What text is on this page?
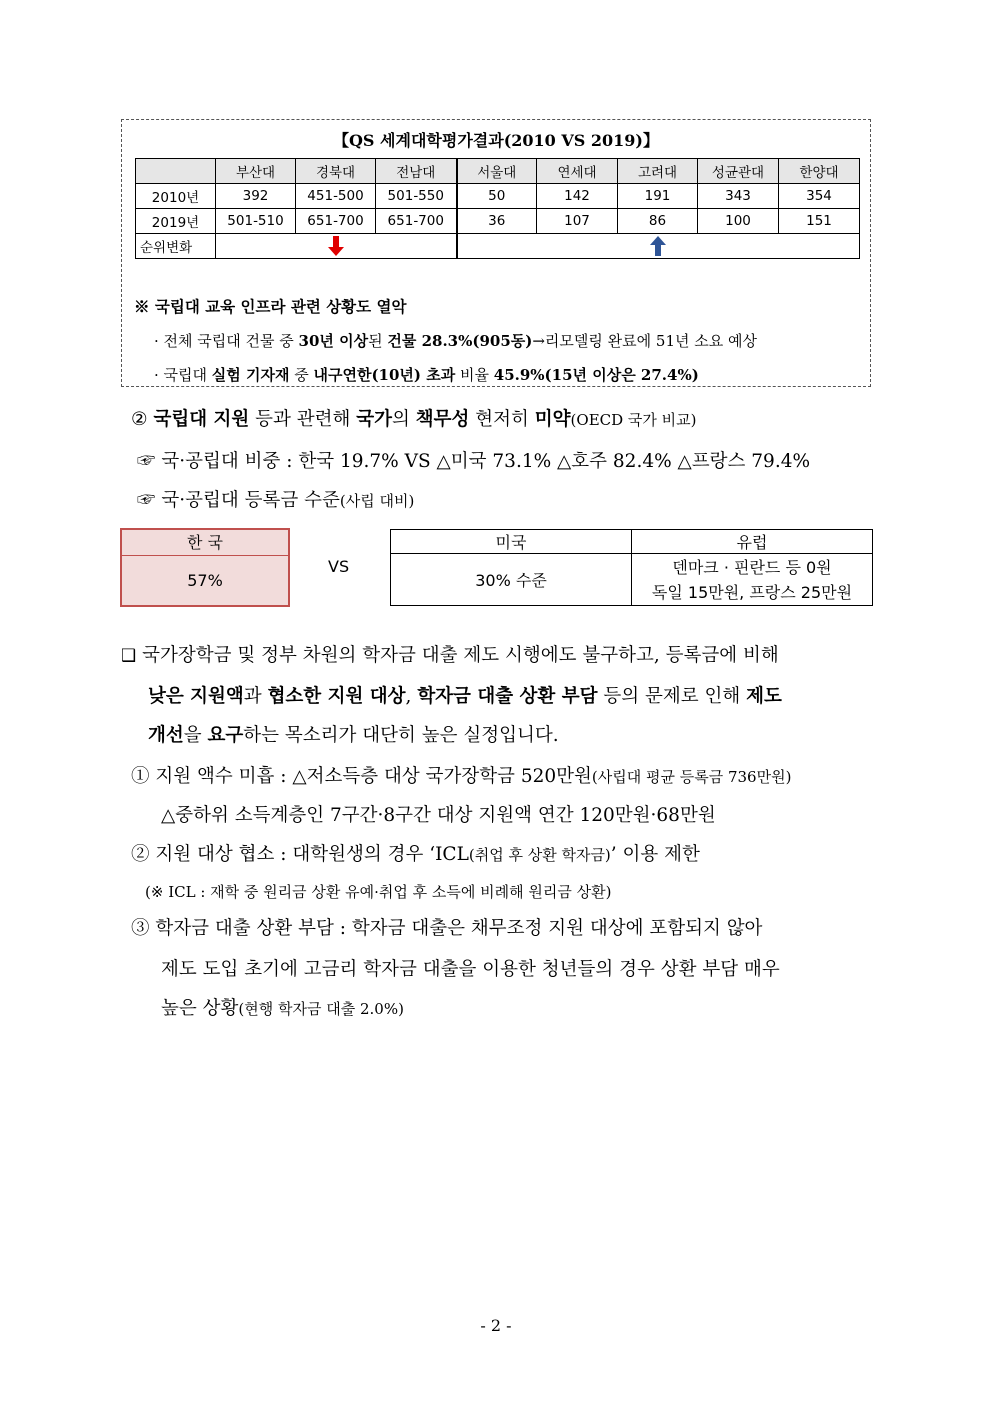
【QS 세계대학평가결과(2010 VS 2019)】
	부산대	경북대	전남대	서울대	연세대	고려대	성균관대	한양대
2010년	392	451-500	501-550	50	142	191	343	354
2019년	501-510	651-700	651-700	36	107	86	100	151
순위변화		
※ 국립대 교육 인프라 관련 상황도 열악
· 전체 국립대 건물 중 30년 이상된 건물 28.3%(905동)→리모델링 완료에 51년 소요 예상
· 국립대 실험 기자재 중 내구연한(10년) 초과 비율 45.9%(15년 이상은 27.4%)
② 국립대 지원 등과 관련해 국가의 책무성 현저히 미약(OECD 국가 비교)
☞ 국·공립대 비중 : 한국 19.7% VS △미국 73.1% △호주 82.4% △프랑스 79.4%
☞ 국·공립대 등록금 수준(사립 대비)
한 국
57%
VS
미국	유럽
30% 수준	덴마크 · 핀란드 등 0원
독일 15만원, 프랑스 25만원
❑ 국가장학금 및 정부 차원의 학자금 대출 제도 시행에도 불구하고, 등록금에 비해
낮은 지원액과 협소한 지원 대상, 학자금 대출 상환 부담 등의 문제로 인해 제도
개선을 요구하는 목소리가 대단히 높은 실정입니다.
① 지원 액수 미흡 : △저소득층 대상 국가장학금 520만원(사립대 평균 등록금 736만원)
△중하위 소득계층인 7구간·8구간 대상 지원액 연간 120만원·68만원
② 지원 대상 협소 : 대학원생의 경우 ‘ICL(취업 후 상환 학자금)’ 이용 제한
(※ ICL : 재학 중 원리금 상환 유예·취업 후 소득에 비례해 원리금 상환)
③ 학자금 대출 상환 부담 : 학자금 대출은 채무조정 지원 대상에 포함되지 않아
제도 도입 초기에 고금리 학자금 대출을 이용한 청년들의 경우 상환 부담 매우
높은 상황(현행 학자금 대출 2.0%)
- 2 -
